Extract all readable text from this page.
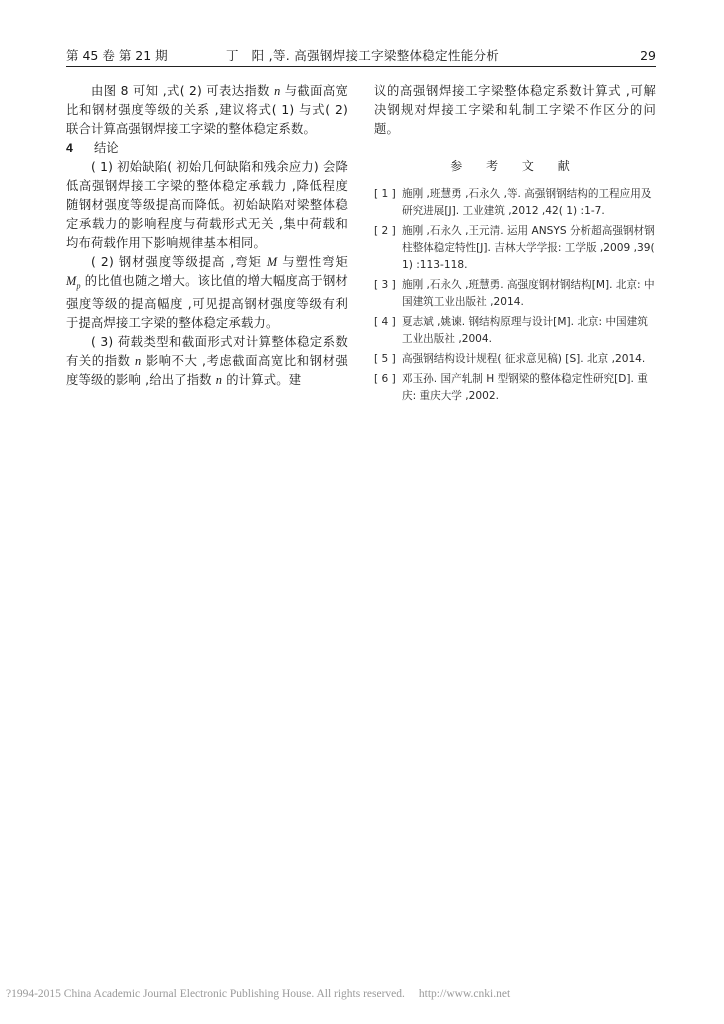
第 45 卷 第 21 期	丁　阳 ,等. 高强钢焊接工字梁整体稳定性能分析	29

由图 8 可知 ,式( 2) 可表达指数 n 与截面高宽比和钢材强度等级的关系 ,建议将式( 1) 与式( 2) 联合计算高强钢焊接工字梁的整体稳定系数。

4 结论

( 1) 初始缺陷( 初始几何缺陷和残余应力) 会降低高强钢焊接工字梁的整体稳定承载力 ,降低程度随钢材强度等级提高而降低。初始缺陷对梁整体稳定承载力的影响程度与荷载形式无关 ,集中荷载和均布荷载作用下影响规律基本相同。

( 2) 钢材强度等级提高 ,弯矩 M 与塑性弯矩 $M_p$ 的比值也随之增大。该比值的增大幅度高于钢材强度等级的提高幅度 ,可见提高钢材强度等级有利于提高焊接工字梁的整体稳定承载力。

( 3) 荷载类型和截面形式对计算整体稳定系数有关的指数 n 影响不大 ,考虑截面高宽比和钢材强度等级的影响 ,给出了指数 n 的计算式。建

议的高强钢焊接工字梁整体稳定系数计算式 ,可解决钢规对焊接工字梁和轧制工字梁不作区分的问题。

参 考 文 献

[ 1 ] 施刚 ,班慧勇 ,石永久 ,等. 高强钢钢结构的工程应用及研究进展[J]. 工业建筑 ,2012 ,42( 1) :1-7.

[ 2 ] 施刚 ,石永久 ,王元清. 运用 ANSYS 分析超高强钢材钢柱整体稳定特性[J]. 吉林大学学报: 工学版 ,2009 ,39( 1) :113-118.

[ 3 ] 施刚 ,石永久 ,班慧勇. 高强度钢材钢结构[M]. 北京: 中国建筑工业出版社 ,2014.

[ 4 ] 夏志斌 ,姚谏. 钢结构原理与设计[M]. 北京: 中国建筑工业出版社 ,2004.

[ 5 ] 高强钢结构设计规程( 征求意见稿) [S]. 北京 ,2014.

[ 6 ] 邓玉孙. 国产轧制 H 型钢梁的整体稳定性研究[D]. 重庆: 重庆大学 ,2002.

?1994-2015 China Academic Journal Electronic Publishing House. All rights reserved. http://www.cnki.net
